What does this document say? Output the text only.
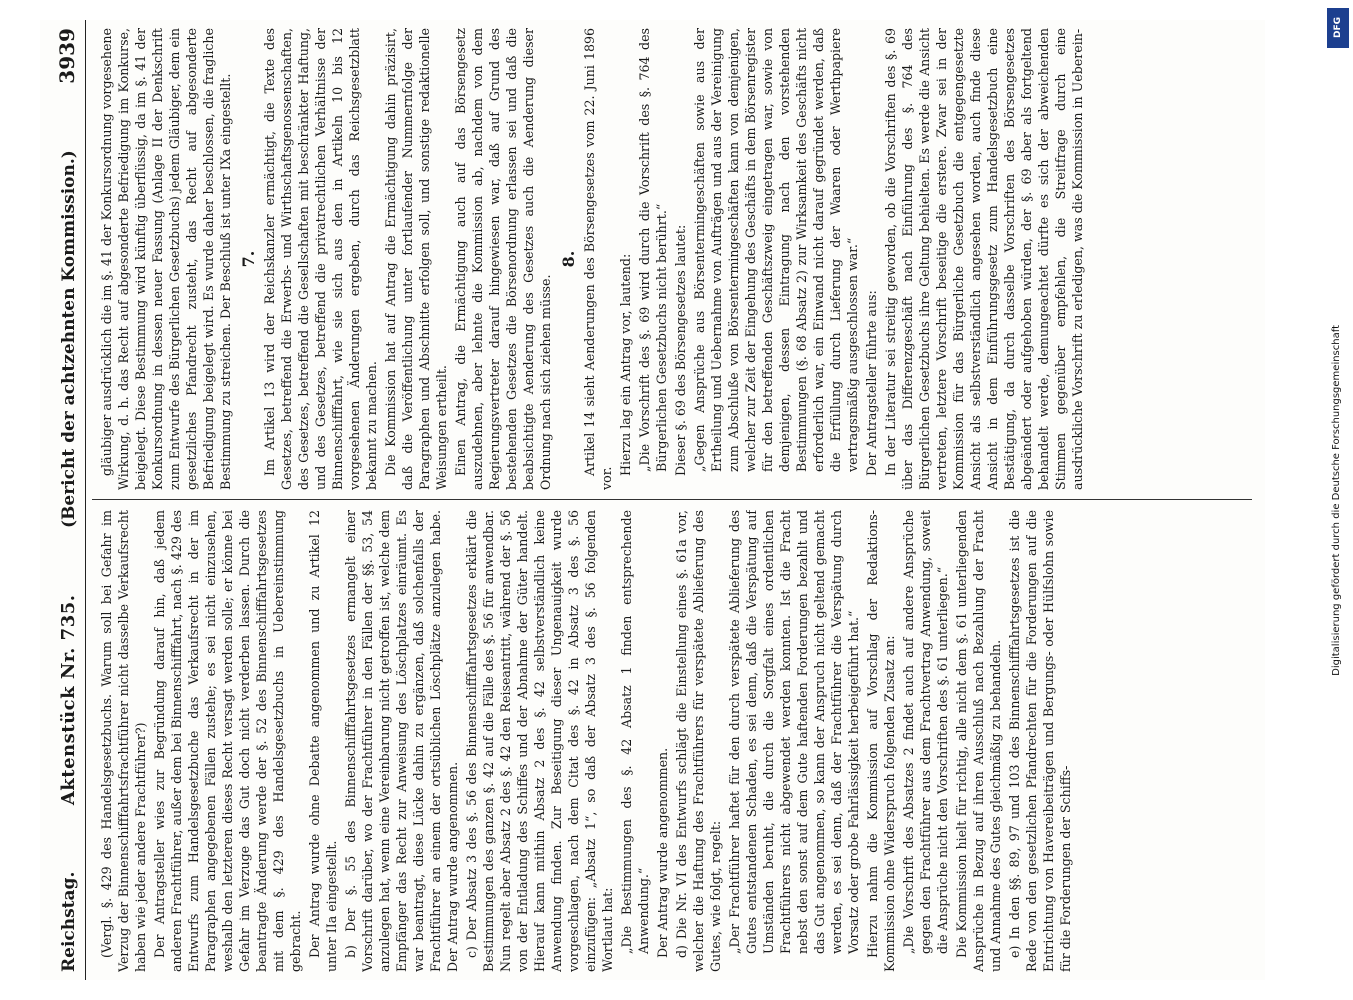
Reichstag.
Aktenstück Nr. 735.
(Bericht der achtzehnten Kommission.)
3939

(Vergl. §. 429 des Handelsgesetzbuchs. Warum soll bei Gefahr im Verzug der Binnenschifffahrtsfrachtführer nicht dasselbe Verkaufsrecht haben wie jeder andere Frachtführer?) Der Antragsteller wies zur Begründung darauf hin, daß jedem anderen Frachtführer, außer dem bei Binnenschifffahrt, nach §. 429 des Entwurfs zum Handelsgesetzbuche das Verkaufsrecht in der im Paragraphen angegebenen Fällen zustehe; es sei nicht einzusehen, weshalb den letzteren dieses Recht versagt werden solle; er könne bei Gefahr im Verzuge das Gut doch nicht verderben lassen. Durch die beantragte Änderung werde der §. 52 des Binnenschifffahrtsgesetzes mit dem §. 429 des Handelsgesetzbuchs in Uebereinstimmung gebracht. Der Antrag wurde ohne Debatte angenommen und zu Artikel 12 unter IIa eingestellt. b) Der §. 55 des Binnenschifffahrtsgesetzes ermangelt einer Vorschrift darüber, wo der Frachtführer in den Fällen der §§. 53, 54 anzulegen hat, wenn eine Vereinbarung nicht getroffen ist, welche dem Empfänger das Recht zur Anweisung des Löschplatzes einräumt. Es war beantragt, diese Lücke dahin zu ergänzen, daß solchenfalls der Frachtführer an einem der ortsüblichen Löschplätze anzulegen habe. Der Antrag wurde angenommen. c) Der Absatz 3 des §. 56 des Binnenschifffahrtsgesetzes erklärt die Bestimmungen des ganzen §. 42 auf die Fälle des §. 56 für anwendbar. Nun regelt aber Absatz 2 des §. 42 den Reiseantritt, während der §. 56 von der Entladung des Schiffes und der Abnahme der Güter handelt. Hierauf kann mithin Absatz 2 des §. 42 selbstverständlich keine Anwendung finden. Zur Beseitigung dieser Ungenauigkeit wurde vorgeschlagen, nach dem Citat des §. 42 in Absatz 3 des §. 56 einzufügen: „Absatz 1“, so daß der Absatz 3 des §. 56 folgenden Wortlaut hat: „Die Bestimmungen des §. 42 Absatz 1 finden entsprechende Anwendung.“ Der Antrag wurde angenommen. d) Die Nr. VI des Entwurfs schlägt die Einstellung eines §. 61a vor, welcher die Haftung des Frachtführers für verspätete Ablieferung des Gutes, wie folgt, regelt: „Der Frachtführer haftet für den durch verspätete Ablieferung des Gutes entstandenen Schaden, es sei denn, daß die Verspätung auf Umständen beruht, die durch die Sorgfalt eines ordentlichen Frachtführers nicht abgewendet werden konnten. Ist die Fracht nebst den sonst auf dem Gute haftenden Forderungen bezahlt und das Gut angenommen, so kann der Anspruch nicht geltend gemacht werden, es sei denn, daß der Frachtführer die Verspätung durch Vorsatz oder grobe Fahrlässigkeit herbeigeführt hat.“ Hierzu nahm die Kommission auf Vorschlag der Redaktions-Kommission ohne Widerspruch folgenden Zusatz an: „Die Vorschrift des Absatzes 2 findet auch auf andere Ansprüche gegen den Frachtführer aus dem Frachtvertrag Anwendung, soweit die Ansprüche nicht den Vorschriften des §. 61 unterliegen.“ Die Kommission hielt für richtig, alle nicht dem §. 61 unterliegenden Ansprüche in Bezug auf ihren Ausschluß nach Bezahlung der Fracht und Annahme des Gutes gleichmäßig zu behandeln. e) In den §§. 89, 97 und 103 des Binnenschifffahrtsgesetzes ist die Rede von den gesetzlichen Pfandrechten für die Forderungen auf die Entrichtung von Havereibeiträgen und Bergungs- oder Hülfslohn sowie für die Forderungen der Schiffs-

gläubiger ausdrücklich die im §. 41 der Konkursordnung vorgesehene Wirkung, d. h. das Recht auf abgesonderte Befriedigung im Konkurse, beigelegt. Diese Bestimmung wird künftig überflüssig, da im §. 41 der Konkursordnung in dessen neuer Fassung (Anlage II der Denkschrift zum Entwurfe des Bürgerlichen Gesetzbuchs) jedem Gläubiger, dem ein gesetzliches Pfandrecht zusteht, das Recht auf abgesonderte Befriedigung beigelegt wird. Es wurde daher beschlossen, die fragliche Bestimmung zu streichen. Der Beschluß ist unter IXa eingestellt. 7. Im Artikel 13 wird der Reichskanzler ermächtigt, die Texte des Gesetzes, betreffend die Erwerbs- und Wirthschaftsgenossenschaften, des Gesetzes, betreffend die Gesellschaften mit beschränkter Haftung, und des Gesetzes, betreffend die privatrechtlichen Verhältnisse der Binnenschifffahrt, wie sie sich aus den in Artikeln 10 bis 12 vorgesehenen Änderungen ergeben, durch das Reichsgesetzblatt bekannt zu machen. Die Kommission hat auf Antrag die Ermächtigung dahin präzisirt, daß die Veröffentlichung unter fortlaufender Nummernfolge der Paragraphen und Abschnitte erfolgen soll, und sonstige redaktionelle Weisungen ertheilt. Einen Antrag, die Ermächtigung auch auf das Börsengesetz auszudehnen, aber lehnte die Kommission ab, nachdem von dem Regierungsvertreter darauf hingewiesen war, daß auf Grund des bestehenden Gesetzes die Börsenordnung erlassen sei und daß die beabsichtigte Aenderung des Gesetzes auch die Aenderung dieser Ordnung nach sich ziehen müsse.

8. Artikel 14 sieht Aenderungen des Börsengesetzes vom 22. Juni 1896 vor.

Hierzu lag ein Antrag vor, lautend: „Die Vorschrift des §. 69 wird durch die Vorschrift des §. 764 des Bürgerlichen Gesetzbuchs nicht berührt.“ Dieser §. 69 des Börsengesetzes lautet: „Gegen Ansprüche aus Börsentermingeschäften sowie aus der Ertheilung und Uebernahme von Aufträgen und aus der Vereinigung zum Abschluße von Börsentermingeschäften kann von demjenigen, welcher zur Zeit der Eingehung des Geschäfts in dem Börsenregister für den betreffenden Geschäftszweig eingetragen war, sowie von demjenigen, dessen Eintragung nach den vorstehenden Bestimmungen (§. 68 Absatz 2) zur Wirksamkeit des Geschäfts nicht erforderlich war, ein Einwand nicht darauf gegründet werden, daß die Erfüllung durch Lieferung der Waaren oder Werthpapiere vertragsmäßig ausgeschlossen war.“ Der Antragsteller führte aus: In der Literatur sei streitig geworden, ob die Vorschriften des §. 69 über das Differenzgeschäft nach Einführung des §. 764 des Bürgerlichen Gesetzbuchs ihre Geltung behielten. Es werde die Ansicht vertreten, letztere Vorschrift beseitige die erstere. Zwar sei in der Kommission für das Bürgerliche Gesetzbuch die entgegengesetzte Ansicht als selbstverständlich angesehen worden, auch finde diese Ansicht in dem Einführungsgesetz zum Handelsgesetzbuch eine Bestätigung, da durch dasselbe Vorschriften des Börsengesetzes abgeändert oder aufgehoben würden, der §. 69 aber als fortgeltend behandelt werde, demungeachtet dürfte es sich der abweichenden Stimmen gegenüber empfehlen, die Streitfrage durch eine ausdrückliche Vorschrift zu erledigen, was die Kommission in Ueberein-

DFG
Digitalisierung gefördert durch die Deutsche Forschungsgemeinschaft
